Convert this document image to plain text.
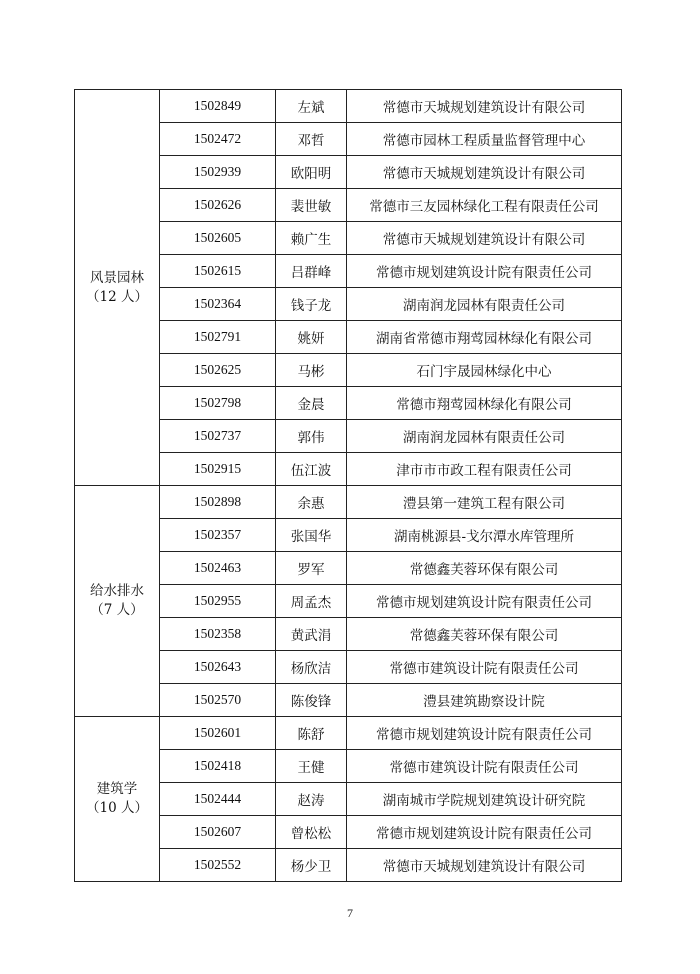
风景园林
（12 人）	1502849	左斌	常德市天城规划建筑设计有限公司
	1502472	邓哲	常德市园林工程质量监督管理中心
	1502939	欧阳明	常德市天城规划建筑设计有限公司
	1502626	裴世敏	常德市三友园林绿化工程有限责任公司
	1502605	赖广生	常德市天城规划建筑设计有限公司
	1502615	吕群峰	常德市规划建筑设计院有限责任公司
	1502364	钱子龙	湖南润龙园林有限责任公司
	1502791	姚妍	湖南省常德市翔莺园林绿化有限公司
	1502625	马彬	石门宇晟园林绿化中心
	1502798	金晨	常德市翔莺园林绿化有限公司
	1502737	郭伟	湖南润龙园林有限责任公司
	1502915	伍江波	津市市市政工程有限责任公司

给水排水
（7 人）	1502898	余惠	澧县第一建筑工程有限公司
	1502357	张国华	湖南桃源县-戈尔潭水库管理所
	1502463	罗军	常德鑫芙蓉环保有限公司
	1502955	周孟杰	常德市规划建筑设计院有限责任公司
	1502358	黄武涓	常德鑫芙蓉环保有限公司
	1502643	杨欣洁	常德市建筑设计院有限责任公司
	1502570	陈俊锋	澧县建筑勘察设计院

建筑学
（10 人）	1502601	陈舒	常德市规划建筑设计院有限责任公司
	1502418	王健	常德市建筑设计院有限责任公司
	1502444	赵涛	湖南城市学院规划建筑设计研究院
	1502607	曾松松	常德市规划建筑设计院有限责任公司
	1502552	杨少卫	常德市天城规划建筑设计有限公司
7
